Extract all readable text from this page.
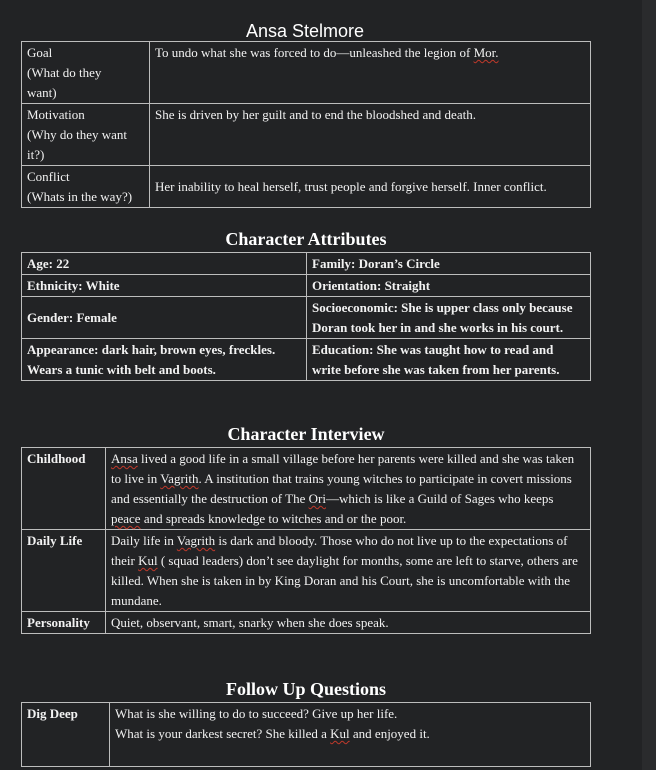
Ansa Stelmore
Goal
(What do they
want)	To undo what she was forced to do—unleashed the legion of Mor.
Motivation
(Why do they want
it?)	She is driven by her guilt and to end the bloodshed and death.
Conflict
(Whats in the way?)	Her inability to heal herself, trust people and forgive herself. Inner conflict.
Character Attributes
Age: 22	Family: Doran’s Circle
Ethnicity: White	Orientation: Straight
Gender: Female	Socioeconomic: She is upper class only because Doran took her in and she works in his court.
Appearance: dark hair, brown eyes, freckles. Wears a tunic with belt and boots.	Education: She was taught how to read and write before she was taken from her parents.
Character Interview
Childhood	Ansa lived a good life in a small village before her parents were killed and she was taken to live in Vagrith. A institution that trains young witches to participate in covert missions and essentially the destruction of The Ori—which is like a Guild of Sages who keeps peace and spreads knowledge to witches and or the poor.
Daily Life	Daily life in Vagrith is dark and bloody. Those who do not live up to the expectations of their Kul ( squad leaders) don’t see daylight for months, some are left to starve, others are killed. When she is taken in by King Doran and his Court, she is uncomfortable with the mundane.
Personality	Quiet, observant, smart, snarky when she does speak.
Follow Up Questions
Dig Deep	What is she willing to do to succeed? Give up her life.
What is your darkest secret? She killed a Kul and enjoyed it.
